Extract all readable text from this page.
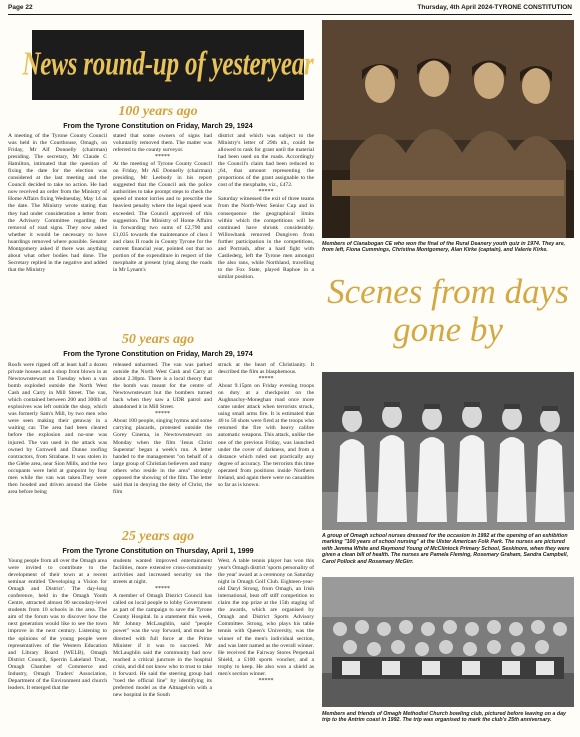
Page 22	Thursday, 4th April 2024-TYRONE CONSTITUTION
News round-up of yesteryear
100 years ago
From the Tyrone Constitution on Friday, March 29, 1924
A meeting of the Tyrone County Council was held in the Courthouse, Omagh, on Friday, Mr Alf Donnelly (chairman) presiding. The secretary, Mr Claude C Hamilton, intimated that the question of fixing the date for the election was considered at the last meeting and the Council decided to take no action. He had now received an order from the Ministry of Home Affairs fixing Wednesday, May 14 as the date. The Ministry wrote stating that they had under consideration a letter from the Advisory Committee regarding the removal of road signs. They now asked whether it would be necessary to have hoardings removed where possible. Senator Montgomery asked if there was anything about what other bodies had done. The Secretary replied in the negative and added that the Ministry
stated that some owners of signs had voluntarily removed them. The matter was referred to the county surveyor.
*****
At the meeting of Tyrone County Council on Friday, Mr AE Donnelly (chairman) presiding, Mr Leebody in his report suggested that the Council ask the police authorities to take prompt steps to check the speed of motor lorries and to prescribe the heaviest penalty where the legal speed was exceeded. The Council approved of this suggestion. The Ministry of Home Affairs in forwarding two sums of £2,790 and £1,035 towards the maintenance of class I and class II roads in County Tyrone for the current financial year, pointed out that no portion of the expenditure in respect of the mexphalte at present lying along the roads in Mr Lynam's
district and which was subject to the Ministry's letter of 29th ult., could be allowed to rank for grant until the material had been used on the roads. Accordingly the Council's claim had been reduced to ¡64, that amount representing the proportions of the grant assignable to the cost of the mexphalte, viz., £472.
*****
Saturday witnessed the exit of three teams from the North-West Senior Cup and in consequence the geographical limits within which the competitions will be continued have shrunk considerably. Willowbank removed Dungiven from further participation in the competitions, and Portrush, after a hard fight with Castlederg, left the Tyrone men amongst the also rans, while Northland, travelling to the Fox State, played Raphoe in a similar position.
50 years ago
From the Tyrone Constitution on Friday, March 29, 1974
Roofs were ripped off at least half a dozen private houses and a shop front blown in at Newtownstewart on Tuesday when a van bomb exploded outside the North West Cash and Carry in Mill Street. The van, which contained between 200 and 300lb of explosives was left outside the shop, which was formerly Sam's Mill, by two men who were seen making their getaway in a waiting car. The area had been cleared before the explosion and no-one was injured. The van used in the attack was owned by Cornwell and Dunne roofing contractors, from Strabane. It was stolen in the Glebe area, near Sion Mills, and the two occupants were held at gunpoint by four men while the van was taken.They were then hooded and driven around the Glebe area before being
released unharmed. The van was parked outside the North West Cash and Carry at about 2.30pm. There is a local theory that the bomb was meant for the centre of Newtownstewart but the bombers turned back when they saw a UDR patrol and abandoned it in Mill Street.
*****
About 100 people, singing hymns and some carrying placards, protested outside the Gorey Cinema, in Newtownstewart on Monday when the film 'Jesus Christ Superstar' began a week's run. A letter handed to the management "on behalf of a large group of Christian believers and many others who reside in the area" strongly opposed the showing of the film. The letter said that in denying the deity of Christ, the film
struck at the heart of Christianity. It described the film as blasphemous.
*****
About 9.15pm on Friday evening troops on duty at a checkpoint on the Aughnacloy-Moneghan road once more came under attack when terrorists struck, using small arms fire. It is estimated that 40 to 50 shots were fired at the troops who returned the fire with heavy calibre automatic weapons. This attack, unlike the one of the previous Friday, was launched under the cover of darkness, and from a distance which ruled out practically any degree of accuracy. The terrorists this time operated from positions inside Northern Ireland, and again there were no casualties so far as is known.
25 years ago
From the Tyrone Constitution on Thursday, April 1, 1999
Young people from all over the Omagh area were invited to contribute to the development of their town at a recent seminar entitled 'Developing a Vision for Omagh and District'. The day-long conference, held in the Omagh Youth Centre, attracted almost 90 secondary-level students from 10 schools in the area. The aim of the forum was to discover how the next generation would like to see the town improve in the next century. Listening to the opinions of the young people were representatives of the Western Education and Library Board (WELB), Omagh District Council, Sperrin Lakeland Trust, Omagh Chamber of Commerce and Industry, Omagh Traders' Association, Department of the Environment and church leaders. It emerged that the
students wanted improved entertainment facilities, more extensive cross-community activities and increased security on the streets at night.
*****
A member of Omagh District Council has called on local people to lobby Government as part of the campaign to save the Tyrone County Hospital. In a statement this week, Mr Johnny McLaughlin, said "people power" was the way forward, and must be directed with full force at the Prime Minister if it was to succeed. Mr McLaughlin said the community had now reached a critical juncture in the hospital crisis, and did not know who to trust to take it forward. He said the steering group had "toed the official line" by identifying its preferred model as the Altnagelvin with a new hospital in the South
West. A table tennis player has won this year's Omagh district 'sports personality of the year' award at a ceremony on Saturday night in Omagh Golf Club. Eighteen-year-old Daryl Strong, from Omagh, an Irish international, beat off stiff competition to claim the top prize at the 15th staging of the awards, which are organised by Omagh and District Sports Advisory Committee. Strong, who plays his table tennis with Queen's University, was the winner of the men's individual section, and was later named as the overall winner. He received the Fairway Stores Perpetual Shield, a £100 sports voucher, and a trophy to keep. He also won a shield as men's section winner.
*****
Members of Clanabogan CE who won the final of the Rural Deanery youth quiz in 1974. They are, from left, Fiona Cummings, Christina Montgomery, Alan Kirke (captain), and Valerie Kirke.
Scenes from days gone by
A group of Omagh school nurses dressed for the occasion in 1992 at the opening of an exhibition marking "100 years of school nursing" at the Ulster American Folk Park. The nurses are pictured with Jemma White and Raymond Young of McClintock Primary School, Seskinore, when they were given a clean bill of health. The nurses are Pamela Fleming, Rosemary Graham, Sandra Campbell, Carol Pollock and Rosemary McGirr.
Members and friends of Omagh Methodist Church bowling club, pictured before leaving on a day trip to the Antrim coast in 1992. The trip was organised to mark the club's 25th anniversary.
